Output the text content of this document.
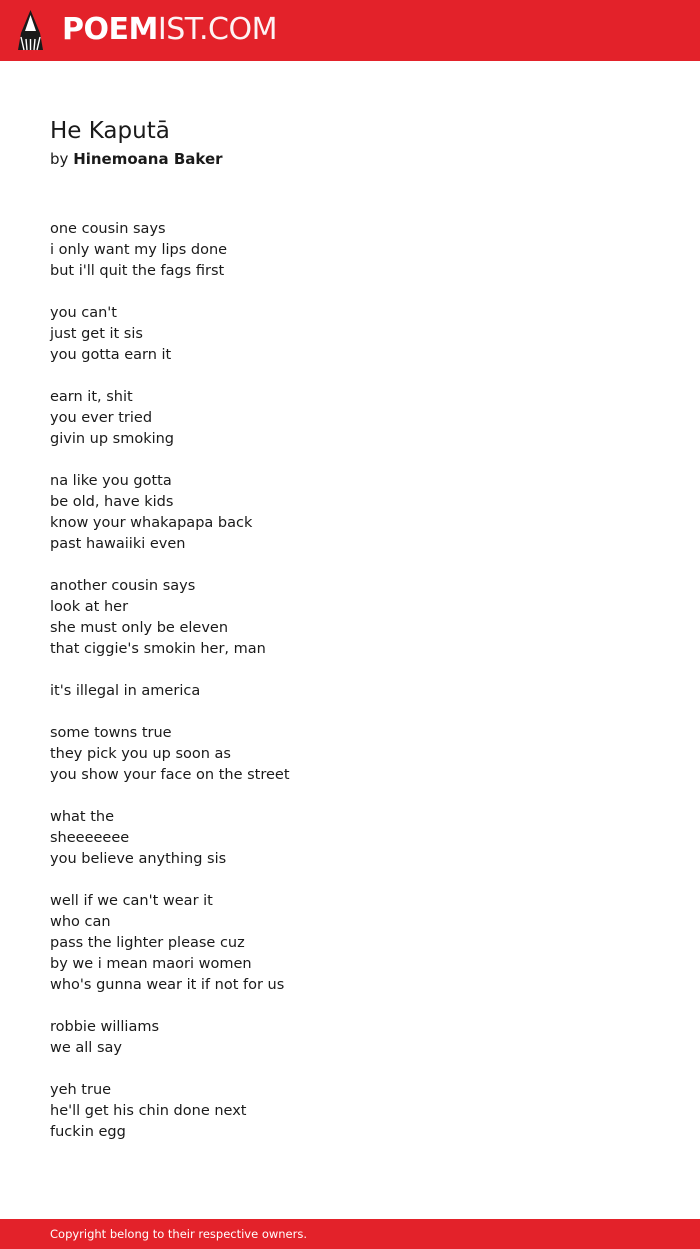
POEMIST.COM
He Kaputā
by Hinemoana Baker
one cousin says
i only want my lips done
but i'll quit the fags first
you can't
just get it sis
you gotta earn it
earn it, shit
you ever tried
givin up smoking
na like you gotta
be old, have kids
know your whakapapa back
past hawaiiki even
another cousin says
look at her
she must only be eleven
that ciggie's smokin her, man
it's illegal in america
some towns true
they pick you up soon as
you show your face on the street
what the
sheeeeeee
you believe anything sis
well if we can't wear it
who can
pass the lighter please cuz
by we i mean maori women
who's gunna wear it if not for us
robbie williams
we all say
yeh true
he'll get his chin done next
fuckin egg
Copyright belong to their respective owners.
